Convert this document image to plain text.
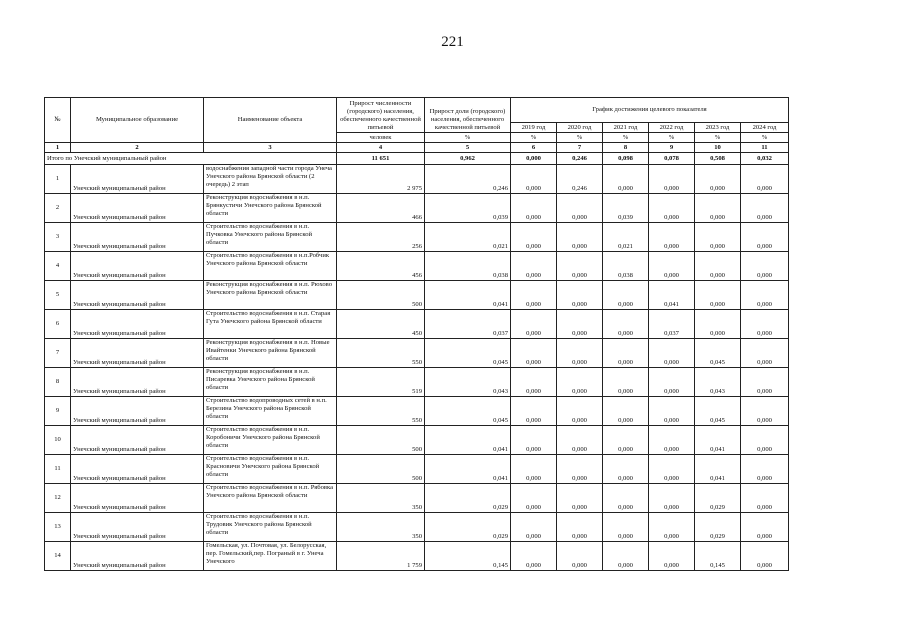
221
№	Муниципальное образование	Наименование объекта	Прирост численности (городского) населения, обеспеченного качественной питьевой	Прирост доли (городского) населения, обеспеченного качественной питьевой	График достижения целевого показателя					
					2019 год	2020 год	2021 год	2022 год	2023 год	2024 год
			человек	%	%	%	%	%	%	%
1	2	3	4	5	6	7	8	9	10	11
Итого по Унечский муниципальный район			11 651	0,962	0,000	0,246	0,098	0,078	0,508	0,032
1	Унечский муниципальный район	водоснабжения западной части города Унеча Унечского района Брянской области (2 очередь) 2 этап	2 975	0,246	0,000	0,246	0,000	0,000	0,000	0,000
2	Унечский муниципальный район	Реконструкция водоснабжения в н.п. Брянкустичи Унечского района Брянской области	466	0,039	0,000	0,000	0,039	0,000	0,000	0,000
3	Унечский муниципальный район	Строительство водоснабжения в н.п. Пучковка Унечского района Брянской области	256	0,021	0,000	0,000	0,021	0,000	0,000	0,000
4	Унечский муниципальный район	Строительство водоснабжения в н.п.Робчик Унечского района Брянской области	456	0,038	0,000	0,000	0,038	0,000	0,000	0,000
5	Унечский муниципальный район	Реконструкция водоснабжения в н.п. Рюхово Унечского района Брянской области	500	0,041	0,000	0,000	0,000	0,041	0,000	0,000
6	Унечский муниципальный район	Строительство водоснабжения в н.п. Старая Гута Унечского района Брянской области	450	0,037	0,000	0,000	0,000	0,037	0,000	0,000
7	Унечский муниципальный район	Реконструкция водоснабжения в н.п. Новые Ивайтенки Унечского района Брянской области	550	0,045	0,000	0,000	0,000	0,000	0,045	0,000
8	Унечский муниципальный район	Реконструкция водоснабжения в н.п. Писаревка Унечского района Брянской области	519	0,043	0,000	0,000	0,000	0,000	0,043	0,000
9	Унечский муниципальный район	Строительство водопроводных сетей в н.п. Березина Унечского района Брянской области	550	0,045	0,000	0,000	0,000	0,000	0,045	0,000
10	Унечский муниципальный район	Строительство водоснабжения в н.п. Коробоничи Унечского района Брянской области	500	0,041	0,000	0,000	0,000	0,000	0,041	0,000
11	Унечский муниципальный район	Строительство водоснабжения в н.п. Красновичи Унечского района Брянской области	500	0,041	0,000	0,000	0,000	0,000	0,041	0,000
12	Унечский муниципальный район	Строительство водоснабжения в н.п. Рябовка Унечского района Брянской области	350	0,029	0,000	0,000	0,000	0,000	0,029	0,000
13	Унечский муниципальный район	Строительство водоснабжения в н.п. Трудовик Унечского района Брянской области	350	0,029	0,000	0,000	0,000	0,000	0,029	0,000
14	Унечский муниципальный район	Гомельская, ул. Почтовая, ул. Белорусская, пер. Гомельский,пер. Пограный в г. Унеча Унечского	1 759	0,145	0,000	0,000	0,000	0,000	0,145	0,000
